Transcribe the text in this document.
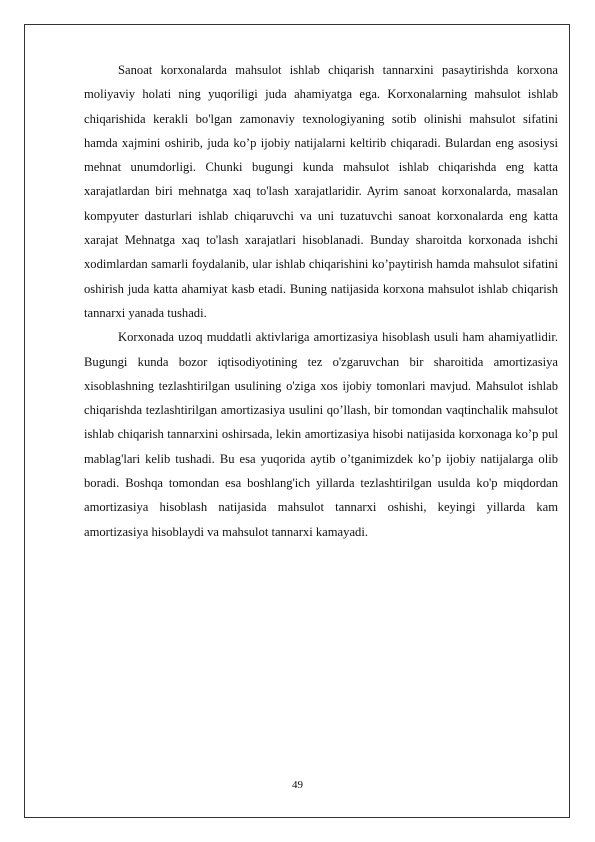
Sanoat korxonalarda mahsulot ishlab chiqarish tannarxini pasaytirishda korxona moliyaviy holati ning yuqoriligi juda ahamiyatga ega. Korxonalarning mahsulot ishlab chiqarishida kerakli bo'lgan zamonaviy texnologiyaning sotib olinishi mahsulot sifatini hamda xajmini oshirib, juda ko’p ijobiy natijalarni keltirib chiqaradi. Bulardan eng asosiysi mehnat unumdorligi. Chunki bugungi kunda mahsulot ishlab chiqarishda eng katta xarajatlardan biri mehnatga xaq to'lash xarajatlaridir. Ayrim sanoat korxonalarda, masalan kompyuter dasturlari ishlab chiqaruvchi va uni tuzatuvchi sanoat korxonalarda eng katta xarajat Mehnatga xaq to'lash xarajatlari hisoblanadi. Bunday sharoitda korxonada ishchi xodimlardan samarli foydalanib, ular ishlab chiqarishini ko’paytirish hamda mahsulot sifatini oshirish juda katta ahamiyat kasb etadi. Buning natijasida korxona mahsulot ishlab chiqarish tannarxi yanada tushadi.

Korxonada uzoq muddatli aktivlariga amortizasiya hisoblash usuli ham ahamiyatlidir. Bugungi kunda bozor iqtisodiyotining tez o'zgaruvchan bir sharoitida amortizasiya xisoblashning tezlashtirilgan usulining o'ziga xos ijobiy tomonlari mavjud. Mahsulot ishlab chiqarishda tezlashtirilgan amortizasiya usulini qo’llash, bir tomondan vaqtinchalik mahsulot ishlab chiqarish tannarxini oshirsada, lekin amortizasiya hisobi natijasida korxonaga ko’p pul mablag'lari kelib tushadi. Bu esa yuqorida aytib o’tganimizdek ko’p ijobiy natijalarga olib boradi. Boshqa tomondan esa boshlang'ich yillarda tezlashtirilgan usulda ko'p miqdordan amortizasiya hisoblash natijasida mahsulot tannarxi oshishi, keyingi yillarda kam amortizasiya hisoblaydi va mahsulot tannarxi kamayadi.

49
